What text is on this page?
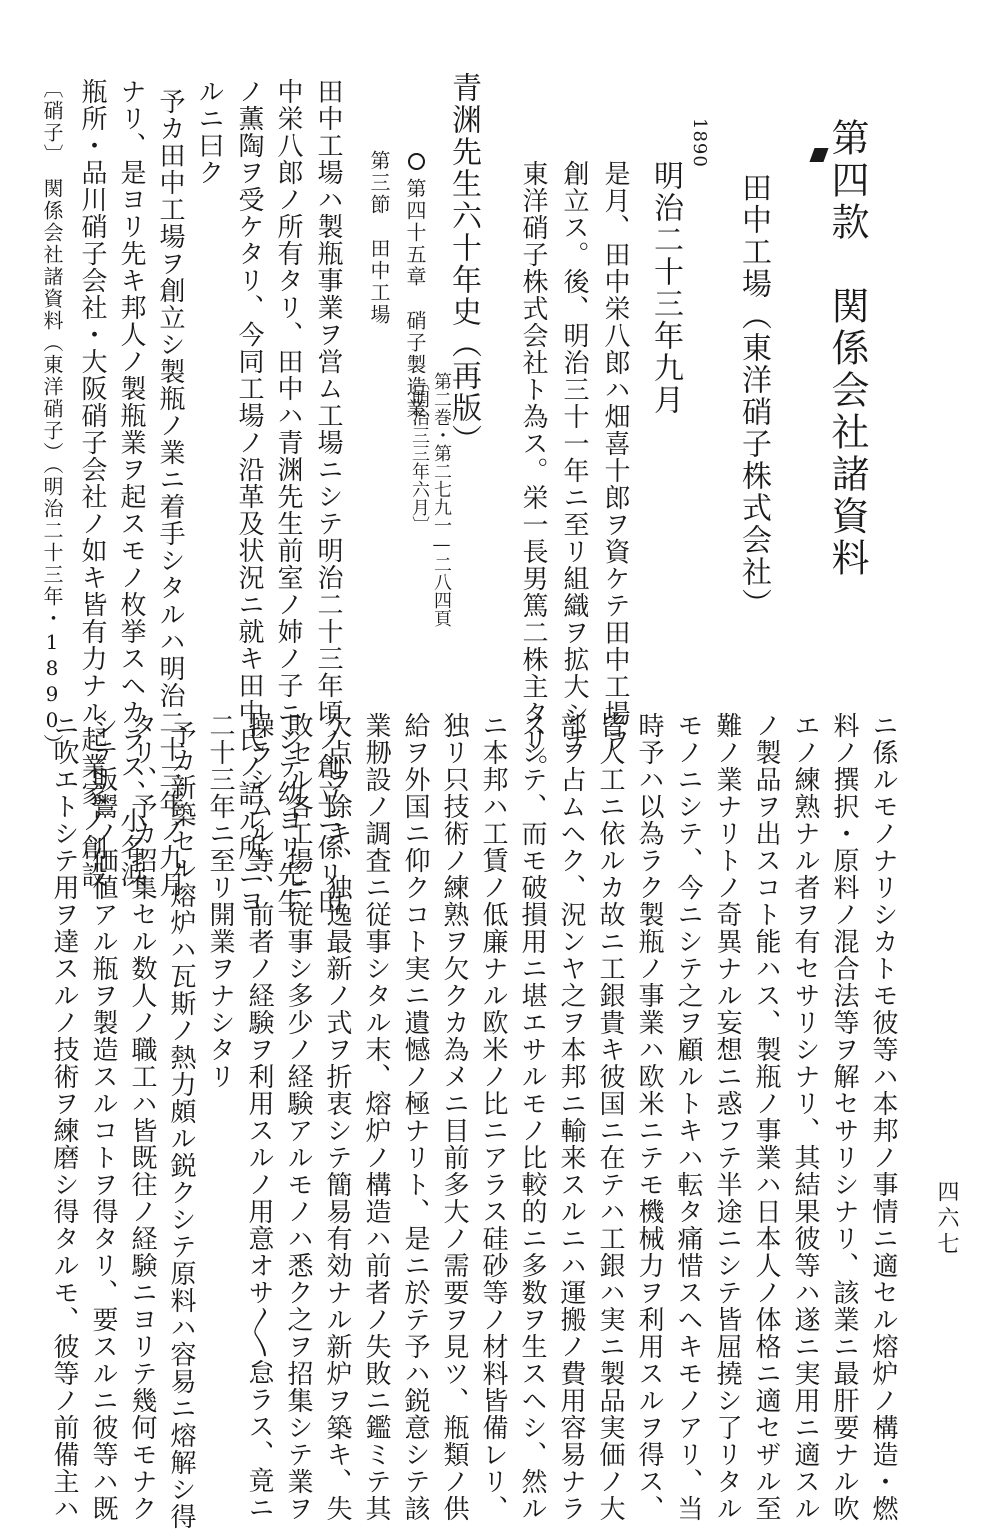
第四款　関係会社諸資料
田中工場（東洋硝子株式会社）
1890
明治二十三年九月
是月、田中栄八郎ハ畑喜十郎ヲ資ケテ田中工場ヲ
創立ス。後、明治三十一年ニ至リ組織ヲ拡大シテ
東洋硝子株式会社ト為ス。栄一長男篤二株主タリ。
青渊先生六十年史（再版）
第二巻・第二七九一—二八四頁
〔明治三三年六月〕
第四十五章　硝子製造業
第三節　田中工場
田中工場ハ製瓶事業ヲ営ム工場ニシテ明治二十三年頃ノ創立ニ係リ田
中栄八郎ノ所有タリ、田中ハ青渊先生前室ノ姉ノ子ニシテ幼ヨリ先生
ノ薫陶ヲ受ケタリ、今同工場ノ沿革及状況ニ就キ田中氏ノ語ル所ニヨ
ルニ曰ク
予カ田中工場ヲ創立シ製瓶ノ業ニ着手シタルハ明治二十三年ノ九月
ナリ、是ヨリ先キ邦人ノ製瓶業ヲ起スモノ枚挙スヘカラス、小名浜
瓶所・品川硝子会社・大阪硝子会社ノ如キ皆有力ナル起業家ノ創設
〔硝子〕　関係会社諸資料（東洋硝子）（明治二十三年・1890）
ニ係ルモノナリシカトモ彼等ハ本邦ノ事情ニ適セル熔炉ノ構造・燃
料ノ撰択・原料ノ混合法等ヲ解セサリシナリ、該業ニ最肝要ナル吹
エノ練熟ナル者ヲ有セサリシナリ、其結果彼等ハ遂ニ実用ニ適スル
ノ製品ヲ出スコト能ハス、製瓶ノ事業ハ日本人ノ体格ニ適セザル至
難ノ業ナリトノ奇異ナル妄想ニ惑フテ半途ニシテ皆屈撓シ了リタル
モノニシテ、今ニシテ之ヲ顧ルトキハ転タ痛惜スヘキモノアリ、当
時予ハ以為ラク製瓶ノ事業ハ欧米ニテモ機械力ヲ利用スルヲ得ス、
皆人工ニ依ルカ故ニ工銀貴キ彼国ニ在テハ工銀ハ実ニ製品実価ノ大
部ヲ占ムヘク、況ンヤ之ヲ本邦ニ輸来スルニハ運搬ノ費用容易ナラ
スシテ、而モ破損用ニ堪エサルモノ比較的ニ多数ヲ生スヘシ、然ル
ニ本邦ハ工賃ノ低廉ナル欧米ノ比ニアラス硅砂等ノ材料皆備レリ、
独リ只技術ノ練熟ヲ欠クカ為メニ目前多大ノ需要ヲ見ツ、瓶類ノ供
給ヲ外国ニ仰クコト実ニ遺憾ノ極ナリト、是ニ於テ予ハ鋭意シテ該
業刱設ノ調査ニ従事シタル末、熔炉ノ構造ハ前者ノ失敗ニ鑑ミテ其
欠点ヲ除キ、独逸最新ノ式ヲ折衷シテ簡易有効ナル新炉ヲ築キ、失
敗セル各工場ニ従事シ多少ノ経験アルモノハ悉ク之ヲ招集シテ業ヲ
操ラシムル等、前者ノ経験ヲ利用スルノ用意オサ〳〵怠ラス、竟ニ
二十三年ニ至リ開業ヲナシタリ
予カ新築セル熔炉ハ瓦斯ノ熱力頗ル鋭クシテ原料ハ容易ニ熔解シ得
タリ、予カ招集セル数人ノ職工ハ皆既往ノ経験ニヨリテ幾何モナク
シテ販鬻ノ価値アル瓶ヲ製造スルコトヲ得タリ、要スルニ彼等ハ既
ニ吹エトシテ用ヲ達スルノ技術ヲ練磨シ得タルモ、彼等ノ前備主ハ	四六七
